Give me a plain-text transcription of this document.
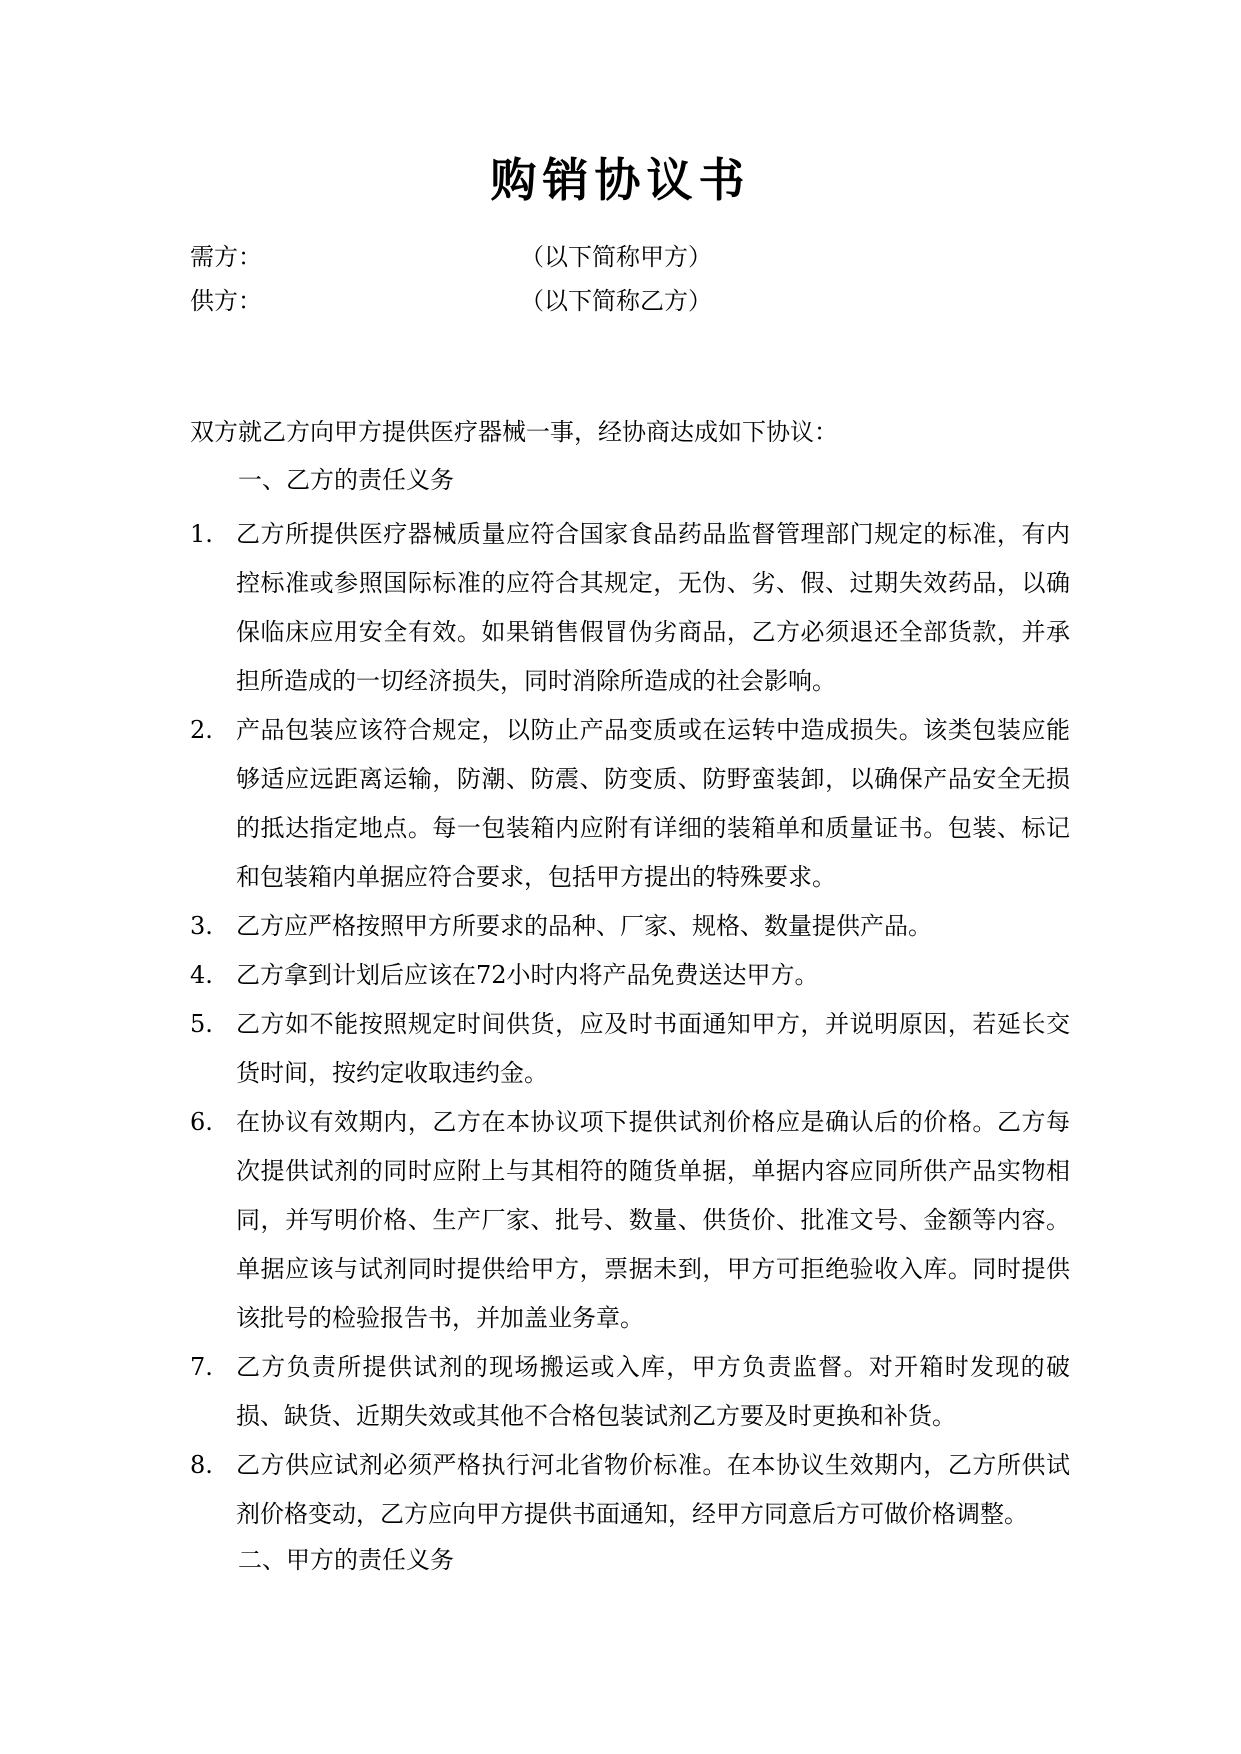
购销协议书
需方：	（以下简称甲方）
供方：	（以下简称乙方）
双方就乙方向甲方提供医疗器械一事，经协商达成如下协议：
一、乙方的责任义务
1. 乙方所提供医疗器械质量应符合国家食品药品监督管理部门规定的标准，有内控标准或参照国际标准的应符合其规定，无伪、劣、假、过期失效药品，以确保临床应用安全有效。如果销售假冒伪劣商品，乙方必须退还全部货款，并承担所造成的一切经济损失，同时消除所造成的社会影响。
2. 产品包装应该符合规定，以防止产品变质或在运转中造成损失。该类包装应能够适应远距离运输，防潮、防震、防变质、防野蛮装卸，以确保产品安全无损的抵达指定地点。每一包装箱内应附有详细的装箱单和质量证书。包装、标记和包装箱内单据应符合要求，包括甲方提出的特殊要求。
3. 乙方应严格按照甲方所要求的品种、厂家、规格、数量提供产品。
4. 乙方拿到计划后应该在72小时内将产品免费送达甲方。
5. 乙方如不能按照规定时间供货，应及时书面通知甲方，并说明原因，若延长交货时间，按约定收取违约金。
6. 在协议有效期内，乙方在本协议项下提供试剂价格应是确认后的价格。乙方每次提供试剂的同时应附上与其相符的随货单据，单据内容应同所供产品实物相同，并写明价格、生产厂家、批号、数量、供货价、批准文号、金额等内容。单据应该与试剂同时提供给甲方，票据未到，甲方可拒绝验收入库。同时提供该批号的检验报告书，并加盖业务章。
7. 乙方负责所提供试剂的现场搬运或入库，甲方负责监督。对开箱时发现的破损、缺货、近期失效或其他不合格包装试剂乙方要及时更换和补货。
8. 乙方供应试剂必须严格执行河北省物价标准。在本协议生效期内，乙方所供试剂价格变动，乙方应向甲方提供书面通知，经甲方同意后方可做价格调整。
二、甲方的责任义务
